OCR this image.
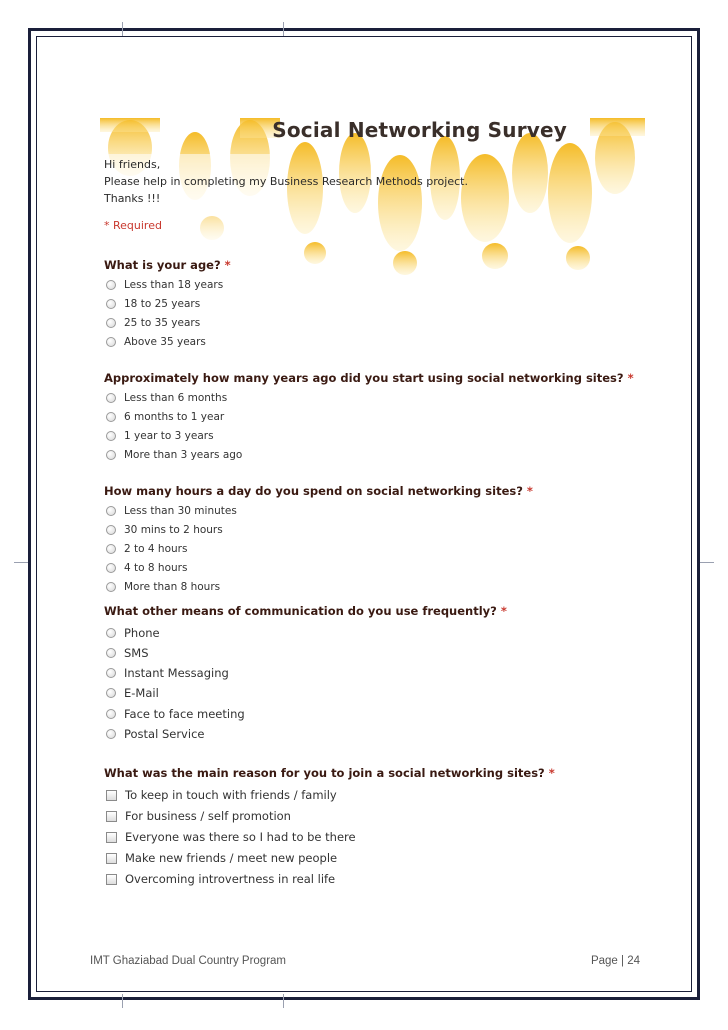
Social Networking Survey
Hi friends,
Please help in completing my Business Research Methods project.
Thanks !!!
* Required
What is your age? *
Less than 18 years
18 to 25 years
25 to 35 years
Above 35 years
Approximately how many years ago did you start using social networking sites? *
Less than 6 months
6 months to 1 year
1 year to 3 years
More than 3 years ago
How many hours a day do you spend on social networking sites? *
Less than 30 minutes
30 mins to 2 hours
2 to 4 hours
4 to 8 hours
More than 8 hours
What other means of communication do you use frequently? *
Phone
SMS
Instant Messaging
E-Mail
Face to face meeting
Postal Service
What was the main reason for you to join a social networking sites? *
To keep in touch with friends / family
For business / self promotion
Everyone was there so I had to be there
Make new friends / meet new people
Overcoming introvertness in real life
IMT Ghaziabad Dual Country Program	Page | 24
